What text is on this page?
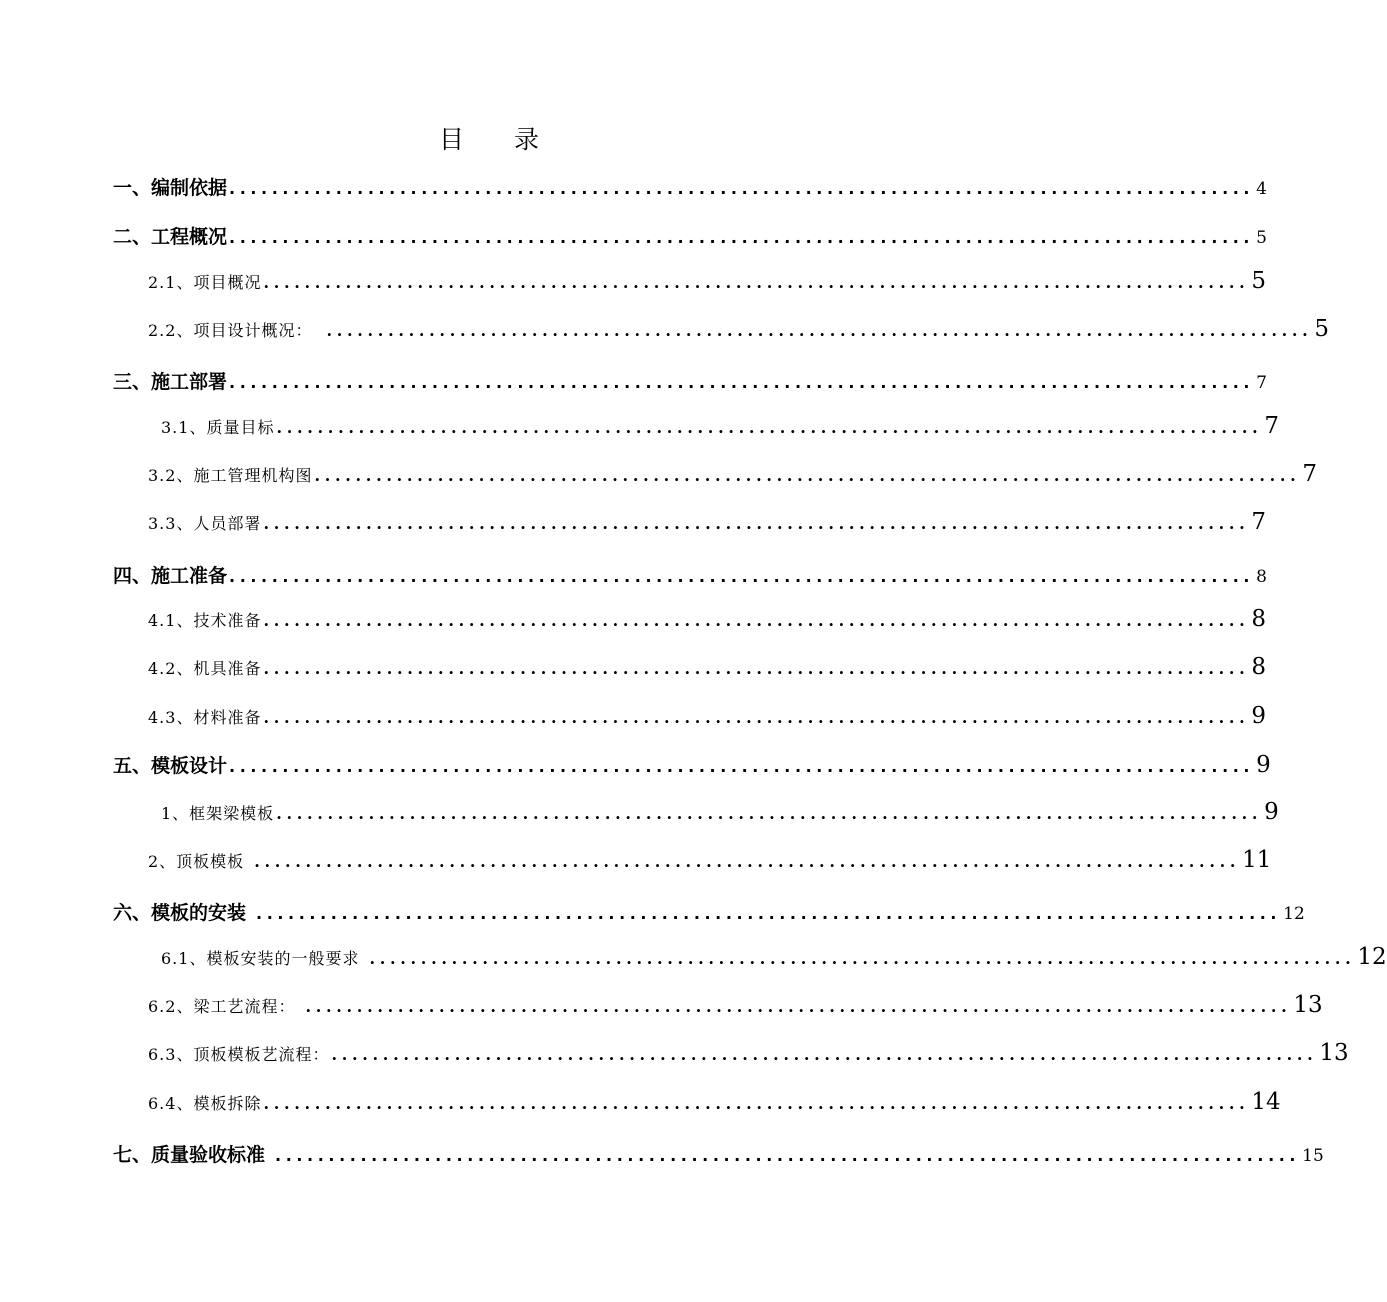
目 录
一、编制依据 ................................................................................................ 4
二、工程概况 ................................................................................................ 5
2.1、项目概况 ................................................................................................ 5
2.2、项目设计概况： ................................................................................................ 5
三、施工部署 ................................................................................................ 7
3.1、质量目标 ................................................................................................ 7
3.2、施工管理机构图 ................................................................................................ 7
3.3、人员部署 ................................................................................................ 7
四、施工准备 ................................................................................................ 8
4.1、技术准备 ................................................................................................ 8
4.2、机具准备 ................................................................................................ 8
4.3、材料准备 ................................................................................................ 9
五、模板设计 ................................................................................................ 9
1、框架梁模板 ................................................................................................ 9
2、顶板模板 ................................................................................................ 11
六、模板的安装 ................................................................................................ 12
6.1、模板安装的一般要求 ................................................................................................ 12
6.2、梁工艺流程： ................................................................................................ 13
6.3、顶板模板艺流程： ................................................................................................ 13
6.4、模板拆除 ................................................................................................ 14
七、质量验收标准 ................................................................................................ 15
